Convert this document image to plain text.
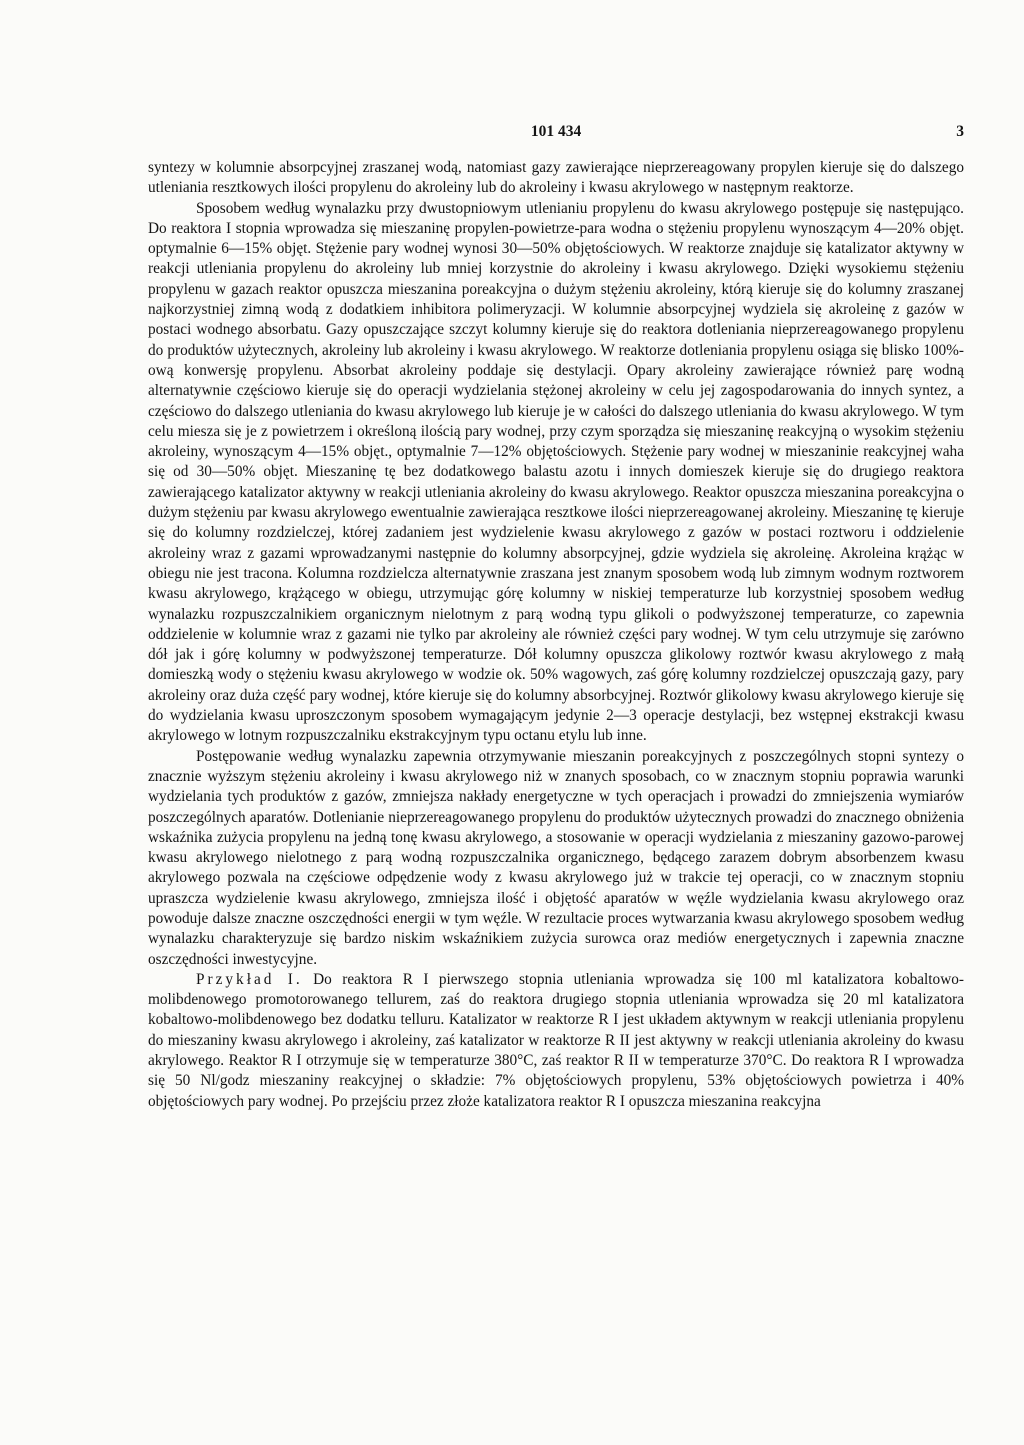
101 434	3

syntezy w kolumnie absorpcyjnej zraszanej wodą, natomiast gazy zawierające nieprzereagowany propylen kieruje się do dalszego utleniania resztkowych ilości propylenu do akroleiny lub do akroleiny i kwasu akrylowego w następnym reaktorze.

Sposobem według wynalazku przy dwustopniowym utlenianiu propylenu do kwasu akrylowego postępuje się następująco. Do reaktora I stopnia wprowadza się mieszaninę propylen-powietrze-para wodna o stężeniu propylenu wynoszącym 4—20% objęt. optymalnie 6—15% objęt. Stężenie pary wodnej wynosi 30—50% objętościowych. W reaktorze znajduje się katalizator aktywny w reakcji utleniania propylenu do akroleiny lub mniej korzystnie do akroleiny i kwasu akrylowego. Dzięki wysokiemu stężeniu propylenu w gazach reaktor opuszcza mieszanina poreakcyjna o dużym stężeniu akroleiny, którą kieruje się do kolumny zraszanej najkorzystniej zimną wodą z dodatkiem inhibitora polimeryzacji. W kolumnie absorpcyjnej wydziela się akroleinę z gazów w postaci wodnego absorbatu. Gazy opuszczające szczyt kolumny kieruje się do reaktora dotleniania nieprzereagowanego propylenu do produktów użytecznych, akroleiny lub akroleiny i kwasu akrylowego. W reaktorze dotleniania propylenu osiąga się blisko 100%-ową konwersję propylenu. Absorbat akroleiny poddaje się destylacji. Opary akroleiny zawierające również parę wodną alternatywnie częściowo kieruje się do operacji wydzielania stężonej akroleiny w celu jej zagospodarowania do innych syntez, a częściowo do dalszego utleniania do kwasu akrylowego lub kieruje je w całości do dalszego utleniania do kwasu akrylowego. W tym celu miesza się je z powietrzem i określoną ilością pary wodnej, przy czym sporządza się mieszaninę reakcyjną o wysokim stężeniu akroleiny, wynoszącym 4—15% objęt., optymalnie 7—12% objętościowych. Stężenie pary wodnej w mieszaninie reakcyjnej waha się od 30—50% objęt. Mieszaninę tę bez dodatkowego balastu azotu i innych domieszek kieruje się do drugiego reaktora zawierającego katalizator aktywny w reakcji utleniania akroleiny do kwasu akrylowego. Reaktor opuszcza mieszanina poreakcyjna o dużym stężeniu par kwasu akrylowego ewentualnie zawierająca resztkowe ilości nieprzereagowanej akroleiny. Mieszaninę tę kieruje się do kolumny rozdzielczej, której zadaniem jest wydzielenie kwasu akrylowego z gazów w postaci roztworu i oddzielenie akroleiny wraz z gazami wprowadzanymi następnie do kolumny absorpcyjnej, gdzie wydziela się akroleinę. Akroleina krążąc w obiegu nie jest tracona. Kolumna rozdzielcza alternatywnie zraszana jest znanym sposobem wodą lub zimnym wodnym roztworem kwasu akrylowego, krążącego w obiegu, utrzymując górę kolumny w niskiej temperaturze lub korzystniej sposobem według wynalazku rozpuszczalnikiem organicznym nielotnym z parą wodną typu glikoli o podwyższonej temperaturze, co zapewnia oddzielenie w kolumnie wraz z gazami nie tylko par akroleiny ale również części pary wodnej. W tym celu utrzymuje się zarówno dół jak i górę kolumny w podwyższonej temperaturze. Dół kolumny opuszcza glikolowy roztwór kwasu akrylowego z małą domieszką wody o stężeniu kwasu akrylowego w wodzie ok. 50% wagowych, zaś górę kolumny rozdzielczej opuszczają gazy, pary akroleiny oraz duża część pary wodnej, które kieruje się do kolumny absorbcyjnej. Roztwór glikolowy kwasu akrylowego kieruje się do wydzielania kwasu uproszczonym sposobem wymagającym jedynie 2—3 operacje destylacji, bez wstępnej ekstrakcji kwasu akrylowego w lotnym rozpuszczalniku ekstrakcyjnym typu octanu etylu lub inne.

Postępowanie według wynalazku zapewnia otrzymywanie mieszanin poreakcyjnych z poszczególnych stopni syntezy o znacznie wyższym stężeniu akroleiny i kwasu akrylowego niż w znanych sposobach, co w znacznym stopniu poprawia warunki wydzielania tych produktów z gazów, zmniejsza nakłady energetyczne w tych operacjach i prowadzi do zmniejszenia wymiarów poszczególnych aparatów. Dotlenianie nieprzereagowanego propylenu do produktów użytecznych prowadzi do znacznego obniżenia wskaźnika zużycia propylenu na jedną tonę kwasu akrylowego, a stosowanie w operacji wydzielania z mieszaniny gazowo-parowej kwasu akrylowego nielotnego z parą wodną rozpuszczalnika organicznego, będącego zarazem dobrym absorbenzem kwasu akrylowego pozwala na częściowe odpędzenie wody z kwasu akrylowego już w trakcie tej operacji, co w znacznym stopniu upraszcza wydzielenie kwasu akrylowego, zmniejsza ilość i objętość aparatów w węźle wydzielania kwasu akrylowego oraz powoduje dalsze znaczne oszczędności energii w tym węźle. W rezultacie proces wytwarzania kwasu akrylowego sposobem według wynalazku charakteryzuje się bardzo niskim wskaźnikiem zużycia surowca oraz mediów energetycznych i zapewnia znaczne oszczędności inwestycyjne.

Przykład I. Do reaktora R I pierwszego stopnia utleniania wprowadza się 100 ml katalizatora kobaltowo-molibdenowego promotorowanego tellurem, zaś do reaktora drugiego stopnia utleniania wprowadza się 20 ml katalizatora kobaltowo-molibdenowego bez dodatku telluru. Katalizator w reaktorze R I jest układem aktywnym w reakcji utleniania propylenu do mieszaniny kwasu akrylowego i akroleiny, zaś katalizator w reaktorze R II jest aktywny w reakcji utleniania akroleiny do kwasu akrylowego. Reaktor R I otrzymuje się w temperaturze 380°C, zaś reaktor R II w temperaturze 370°C. Do reaktora R I wprowadza się 50 Nl/godz mieszaniny reakcyjnej o składzie: 7% objętościowych propylenu, 53% objętościowych powietrza i 40% objętościowych pary wodnej. Po przejściu przez złoże katalizatora reaktor R I opuszcza mieszanina reakcyjna
